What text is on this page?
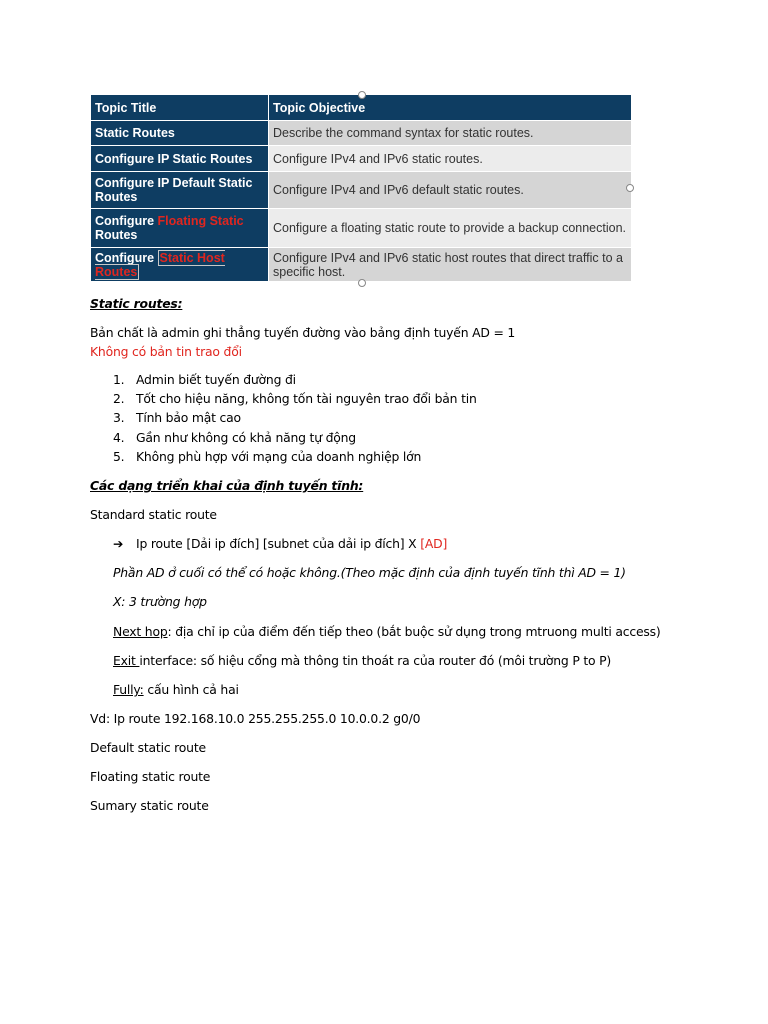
Topic Title	Topic Objective
Static Routes	Describe the command syntax for static routes.
Configure IP Static Routes	Configure IPv4 and IPv6 static routes.
Configure IP Default Static Routes	Configure IPv4 and IPv6 default static routes.
Configure Floating Static
Routes	Configure a floating static route to provide a backup connection.
Configure Static Host Routes	Configure IPv4 and IPv6 static host routes that direct traffic to a specific host.
Static routes:
Bản chất là admin ghi thẳng tuyến đường vào bảng định tuyến AD = 1
Không có bản tin trao đổi
1. Admin biết tuyến đường đi
2. Tốt cho hiệu năng, không tốn tài nguyên trao đổi bản tin
3. Tính bảo mật cao
4. Gần như không có khả năng tự động
5. Không phù hợp với mạng của doanh nghiệp lớn
Các dạng triển khai của định tuyến tĩnh:
Standard static route
➔ Ip route [Dải ip đích] [subnet của dải ip đích] X [AD]
Phần AD ở cuối có thể có hoặc không.(Theo mặc định của định tuyến tĩnh thì AD = 1)
X: 3 trường hợp
Next hop: địa chỉ ip của điểm đến tiếp theo (bắt buộc sử dụng trong mtruong multi access)
Exit interface: số hiệu cổng mà thông tin thoát ra của router đó (môi trường P to P)
Fully: cấu hình cả hai
Vd: Ip route 192.168.10.0 255.255.255.0 10.0.0.2 g0/0
Default static route
Floating static route
Sumary static route
